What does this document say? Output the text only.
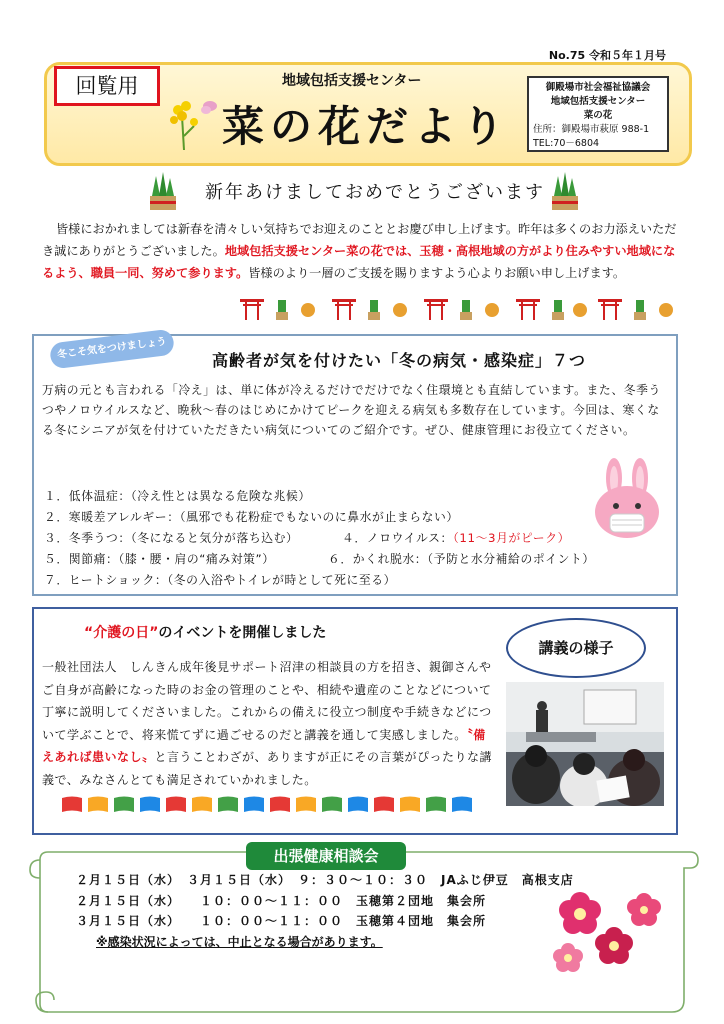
No.75 令和５年１月号
回覧用	地域包括支援センター
菜の花だより
御殿場市社会福祉協議会
地域包括支援センター
菜の花
住所：御殿場市萩原 988-1
TEL:70－6804
新年あけましておめでとうございます
皆様におかれましては新春を清々しい気持ちでお迎えのこととお慶び申し上げます。昨年は多くのお力添えいただき誠にありがとうございました。地域包括支援センター菜の花では、玉穂・高根地域の方がより住みやすい地域になるよう、職員一同、努めて参ります。皆様のより一層のご支援を賜りますよう心よりお願い申し上げます。
冬こそ気をつけましょう	高齢者が気を付けたい「冬の病気・感染症」７つ
万病の元とも言われる「冷え」は、単に体が冷えるだけでだけでなく住環境とも直結しています。また、冬季うつやノロウイルスなど、晩秋～春のはじめにかけてピークを迎える病気も多数存在しています。今回は、寒くなる冬にシニアが気を付けていただきたい病気についてのご紹介です。ぜひ、健康管理にお役立てください。
１．低体温症：（冷え性とは異なる危険な兆候）
２．寒暖差アレルギー：（風邪でも花粉症でもないのに鼻水が止まらない）
３．冬季うつ：（冬になると気分が落ち込む）	４．ノロウイルス：（11～3月がピーク）
５．関節痛：（膝・腰・肩の“痛み対策”）	６．かくれ脱水：（予防と水分補給のポイント）
７．ヒートショック：（冬の入浴やトイレが時として死に至る）
“介護の日”のイベントを開催しました
講義の様子
一般社団法人　しんきん成年後見サポート沼津の相談員の方を招き、親御さんやご自身が高齢になった時のお金の管理のことや、相続や遺産のことなどについて丁寧に説明してくださいました。これからの備えに役立つ制度や手続きなどについて学ぶことで、将来慌てずに過ごせるのだと講義を通して実感しました。〝備えあれば患いなし〟と言うことわざが、ありますが正にその言葉がぴったりな講義で、みなさんとても満足されていかれました。
出張健康相談会
２月１５日（水）　３月１５日（水）　９：３０～１０：３０　JAふじ伊豆　高根支店
２月１５日（水）　　１０：００～１１：００　玉穂第２団地　集会所
３月１５日（水）　　１０：００～１１：００　玉穂第４団地　集会所
※感染状況によっては、中止となる場合があります。
